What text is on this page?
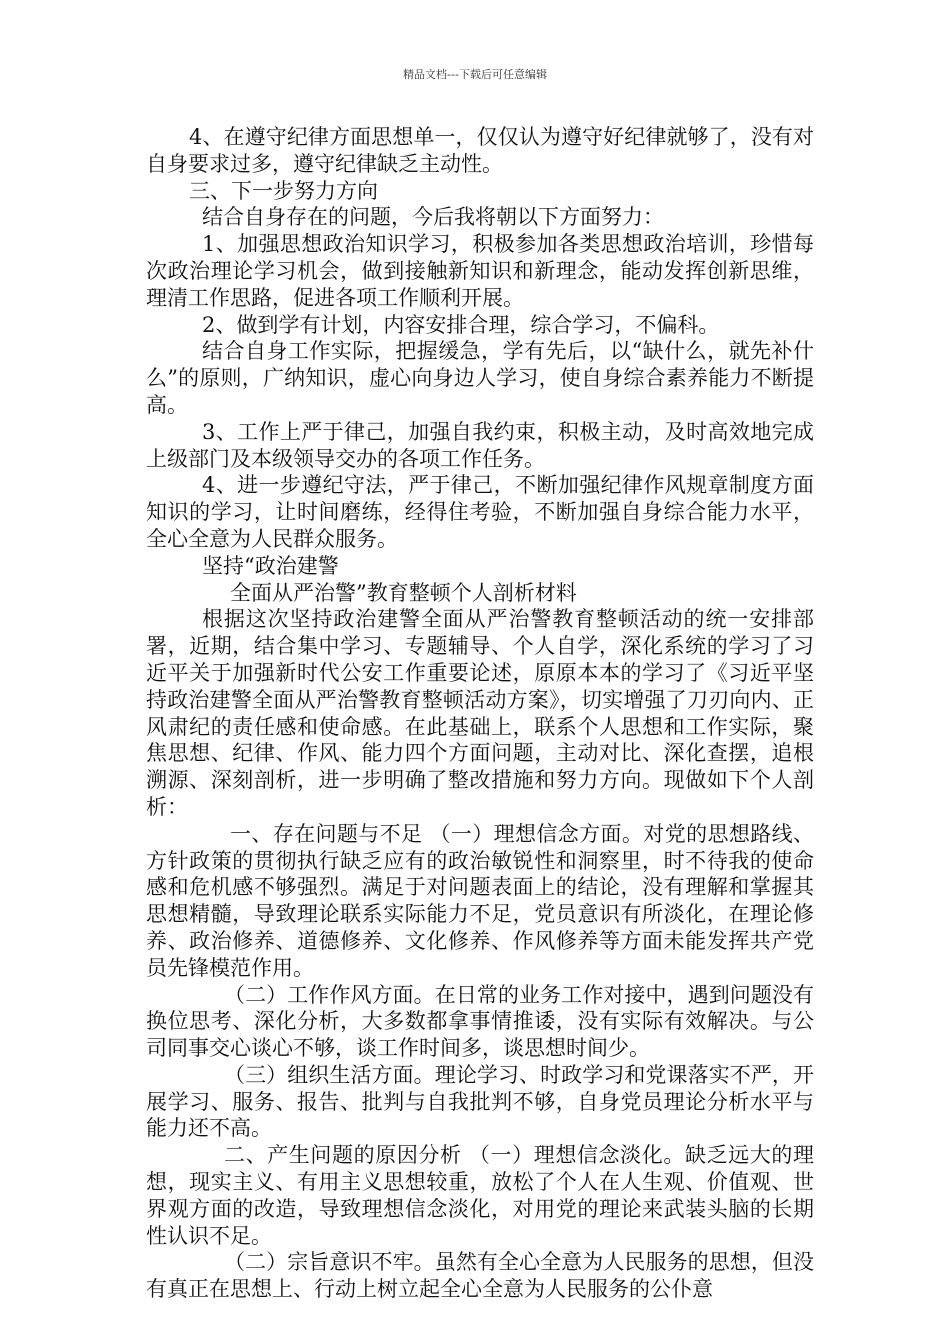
精品文档---下载后可任意编辑

4、在遵守纪律方面思想单一，仅仅认为遵守好纪律就够了，没有对自身要求过多，遵守纪律缺乏主动性。

三、下一步努力方向

结合自身存在的问题，今后我将朝以下方面努力：

1、加强思想政治知识学习，积极参加各类思想政治培训，珍惜每次政治理论学习机会，做到接触新知识和新理念，能动发挥创新思维，理清工作思路，促进各项工作顺利开展。

2、做到学有计划，内容安排合理，综合学习，不偏科。

结合自身工作实际，把握缓急，学有先后，以“缺什么，就先补什么”的原则，广纳知识，虚心向身边人学习，使自身综合素养能力不断提高。

3、工作上严于律己，加强自我约束，积极主动，及时高效地完成上级部门及本级领导交办的各项工作任务。

4、进一步遵纪守法，严于律己，不断加强纪律作风规章制度方面知识的学习，让时间磨练，经得住考验，不断加强自身综合能力水平，全心全意为人民群众服务。

坚持“政治建警

全面从严治警”教育整顿个人剖析材料

根据这次坚持政治建警全面从严治警教育整顿活动的统一安排部署，近期，结合集中学习、专题辅导、个人自学，深化系统的学习了习近平关于加强新时代公安工作重要论述，原原本本的学习了《习近平坚持政治建警全面从严治警教育整顿活动方案》，切实增强了刀刃向内、正风肃纪的责任感和使命感。在此基础上，联系个人思想和工作实际，聚焦思想、纪律、作风、能力四个方面问题，主动对比、深化查摆，追根溯源、深刻剖析，进一步明确了整改措施和努力方向。现做如下个人剖析：

一、存在问题与不足 （一）理想信念方面。对党的思想路线、方针政策的贯彻执行缺乏应有的政治敏锐性和洞察里，时不待我的使命感和危机感不够强烈。满足于对问题表面上的结论，没有理解和掌握其思想精髓，导致理论联系实际能力不足，党员意识有所淡化，在理论修养、政治修养、道德修养、文化修养、作风修养等方面未能发挥共产党员先锋模范作用。

（二）工作作风方面。在日常的业务工作对接中，遇到问题没有换位思考、深化分析，大多数都拿事情推诿，没有实际有效解决。与公司同事交心谈心不够，谈工作时间多，谈思想时间少。

（三）组织生活方面。理论学习、时政学习和党课落实不严，开展学习、服务、报告、批判与自我批判不够，自身党员理论分析水平与能力还不高。

二、产生问题的原因分析 （一）理想信念淡化。缺乏远大的理想，现实主义、有用主义思想较重，放松了个人在人生观、价值观、世界观方面的改造，导致理想信念淡化，对用党的理论来武装头脑的长期性认识不足。

（二）宗旨意识不牢。虽然有全心全意为人民服务的思想，但没有真正在思想上、行动上树立起全心全意为人民服务的公仆意
